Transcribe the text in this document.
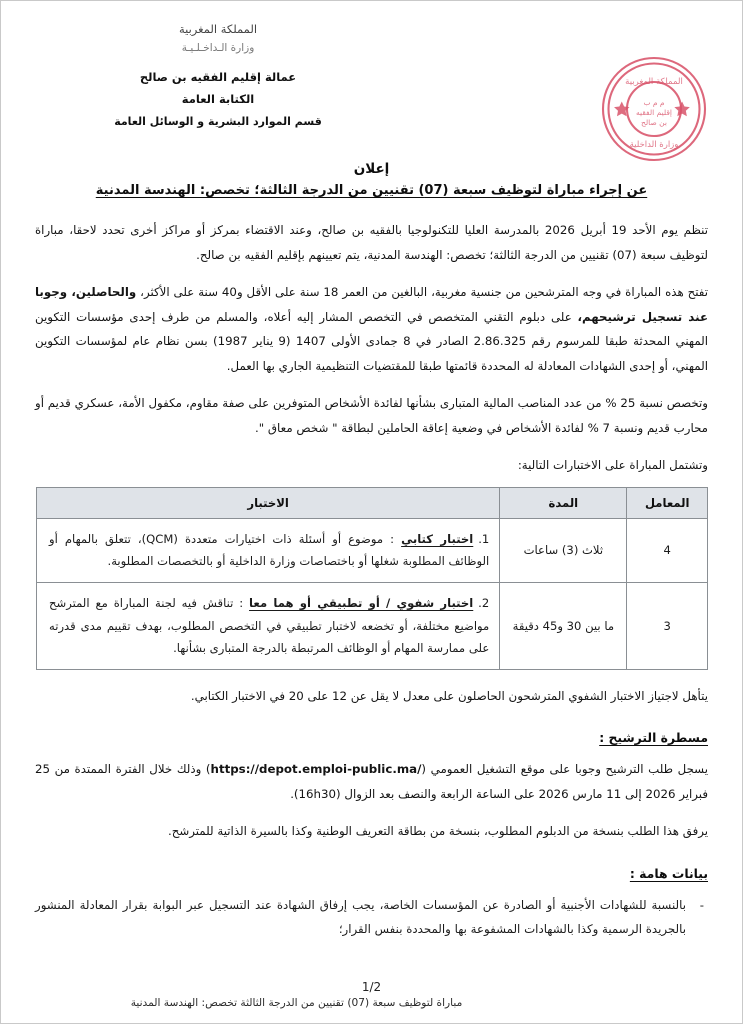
المملكة المغربية
م م ب
إقليم الفقيه
بن صالح
وزارة الداخلية
المملكة المغربية
وزارة الـداخـلـيـة
عمالة إقليم الفقيه بن صالح
الكتابة العامة
قسم الموارد البشرية و الوسائل العامة
إعلان
عن إجراء مباراة لتوظيف سبعة (07) تقنيين من الدرجة الثالثة؛ تخصص: الهندسة المدنية

تنظم يوم الأحد 19 أبريل 2026 بالمدرسة العليا للتكنولوجيا بالفقيه بن صالح، وعند الاقتضاء بمركز أو مراكز أخرى تحدد لاحقا، مباراة لتوظيف سبعة (07) تقنيين من الدرجة الثالثة؛ تخصص: الهندسة المدنية، يتم تعيينهم بإقليم الفقيه بن صالح.

تفتح هذه المباراة في وجه المترشحين من جنسية مغربية، البالغين من العمر 18 سنة على الأقل و40 سنة على الأكثر، والحاصلين، وجوبا عند تسجيل ترشيحهم، على دبلوم التقني المتخصص في التخصص المشار إليه أعلاه، والمسلم من طرف إحدى مؤسسات التكوين المهني المحدثة طبقا للمرسوم رقم 2.86.325 الصادر في 8 جمادى الأولى 1407 (9 يناير 1987) بسن نظام عام لمؤسسات التكوين المهني، أو إحدى الشهادات المعادلة له المحددة قائمتها طبقا للمقتضيات التنظيمية الجاري بها العمل.

وتخصص نسبة 25 % من عدد المناصب المالية المتبارى بشأنها لفائدة الأشخاص المتوفرين على صفة مقاوم، مكفول الأمة، عسكري قديم أو محارب قديم ونسبة 7 % لفائدة الأشخاص في وضعية إعاقة الحاملين لبطاقة " شخص معاق ".

وتشتمل المباراة على الاختبارات التالية:

المعامل	المدة	الاختبار
4	ثلاث (3) ساعات	1.اختبار كتابي : موضوع أو أسئلة ذات اختيارات متعددة (QCM)، تتعلق بالمهام أو الوظائف المطلوبة شغلها أو باختصاصات وزارة الداخلية أو بالتخصصات المطلوبة.
3	ما بين 30 و45 دقيقة	2.اختبار شفوي / أو تطبيقي أو هما معا : تناقش فيه لجنة المباراة مع المترشح مواضيع مختلفة، أو تخضعه لاختبار تطبيقي في التخصص المطلوب، بهدف تقييم مدى قدرته على ممارسة المهام أو الوظائف المرتبطة بالدرجة المتبارى بشأنها.

يتأهل لاجتياز الاختبار الشفوي المترشحون الحاصلون على معدل لا يقل عن 12 على 20 في الاختبار الكتابي.

مسطرة الترشيح :

يسجل طلب الترشيح وجوبا على موقع التشغيل العمومي (https://depot.emploi-public.ma/) وذلك خلال الفترة الممتدة من 25 فبراير 2026 إلى 11 مارس 2026 على الساعة الرابعة والنصف بعد الزوال (16h30).

يرفق هذا الطلب بنسخة من الدبلوم المطلوب، بنسخة من بطاقة التعريف الوطنية وكذا بالسيرة الذاتية للمترشح.

بيانات هامة :
- بالنسبة للشهادات الأجنبية أو الصادرة عن المؤسسات الخاصة، يجب إرفاق الشهادة عند التسجيل عبر البوابة بقرار المعادلة المنشور بالجريدة الرسمية وكذا بالشهادات المشفوعة بها والمحددة بنفس القرار؛
1/2
مباراة لتوظيف سبعة (07) تقنيين من الدرجة الثالثة تخصص: الهندسة المدنية
